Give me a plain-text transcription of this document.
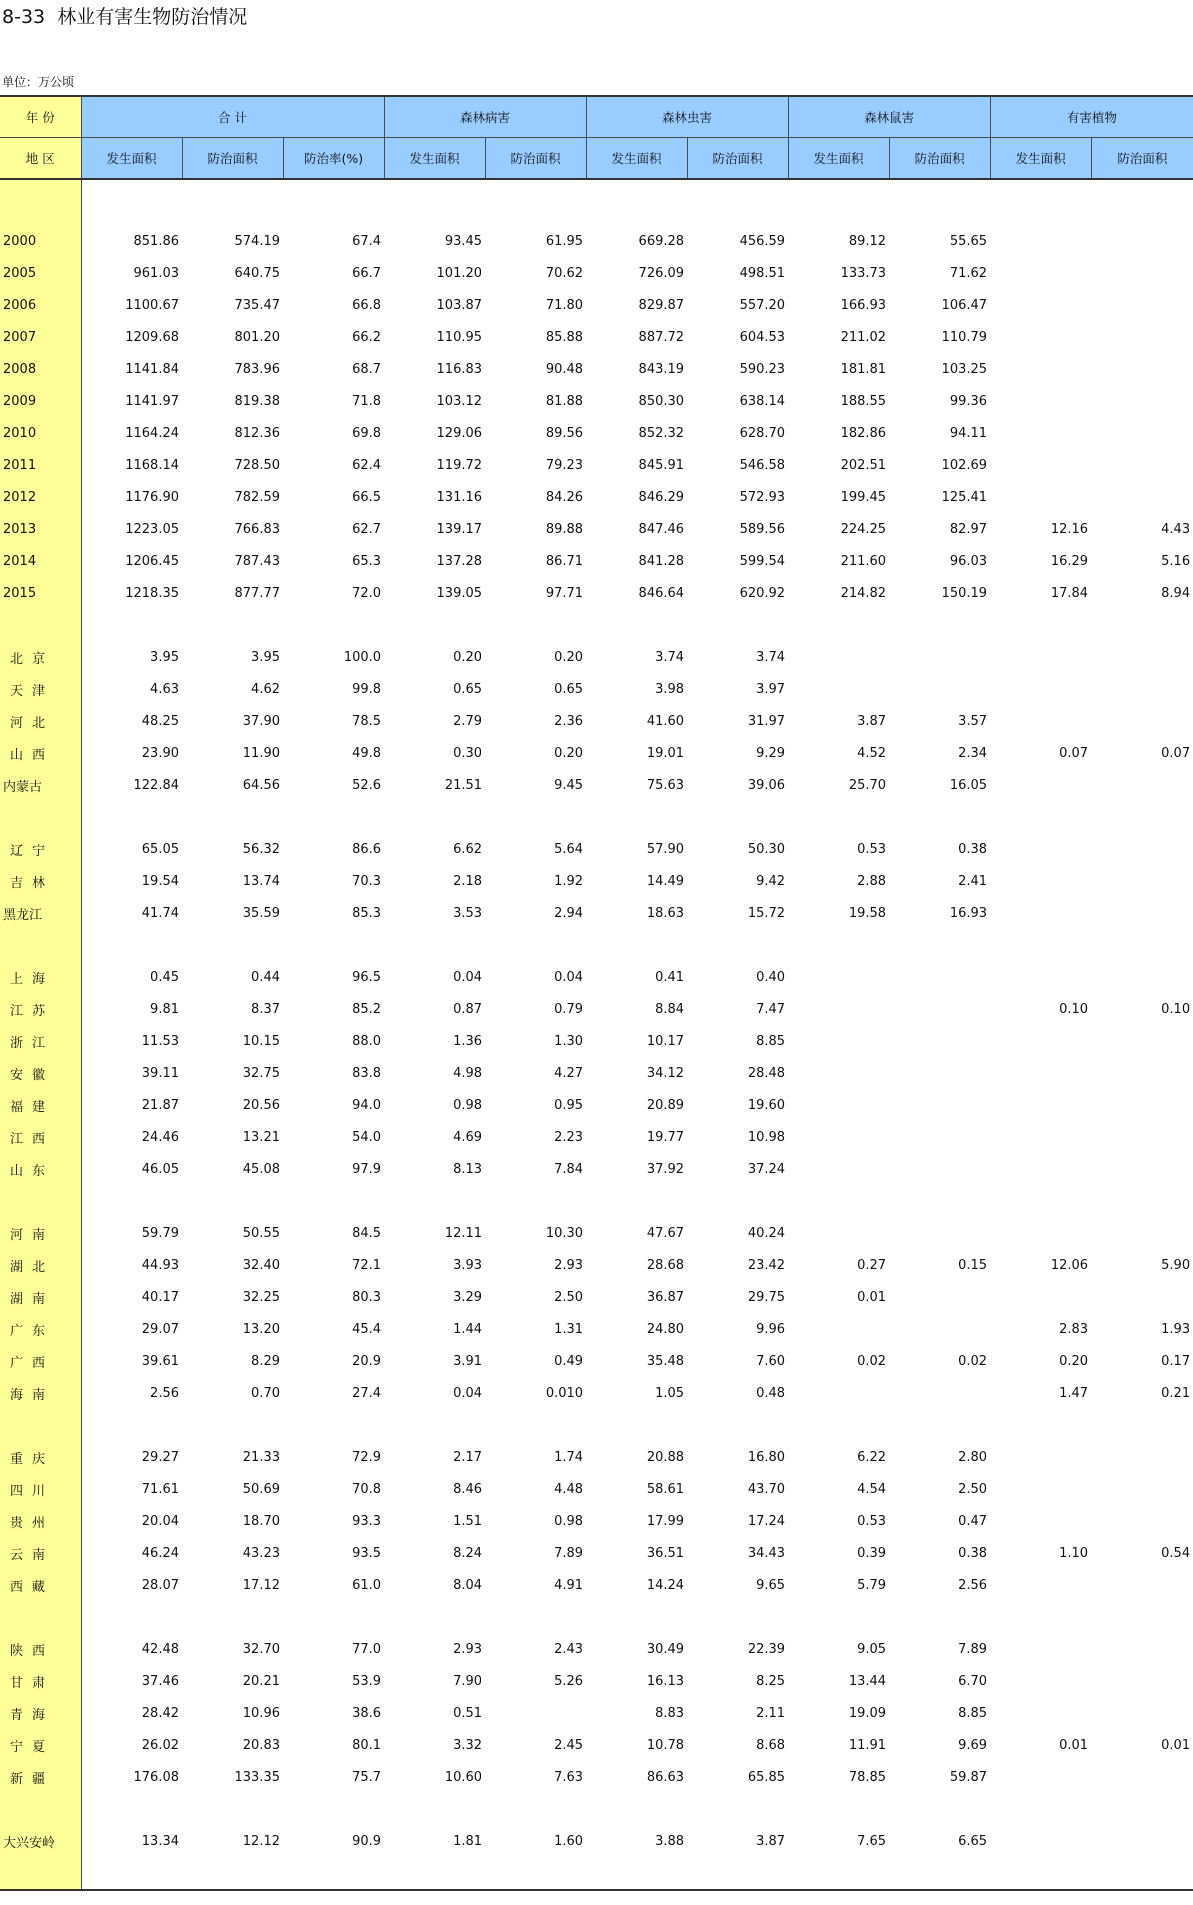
8-33  林业有害生物防治情况
单位：万公顷
年 份	合 计			森林病害		森林虫害		森林鼠害		有害植物	
地 区	发生面积	防治面积	防治率(%)	发生面积	防治面积	发生面积	防治面积	发生面积	防治面积	发生面积	防治面积

2000	851.86	574.19	67.4	93.45	61.95	669.28	456.59	89.12	55.65		
2005	961.03	640.75	66.7	101.20	70.62	726.09	498.51	133.73	71.62		
2006	1100.67	735.47	66.8	103.87	71.80	829.87	557.20	166.93	106.47		
2007	1209.68	801.20	66.2	110.95	85.88	887.72	604.53	211.02	110.79		
2008	1141.84	783.96	68.7	116.83	90.48	843.19	590.23	181.81	103.25		
2009	1141.97	819.38	71.8	103.12	81.88	850.30	638.14	188.55	99.36		
2010	1164.24	812.36	69.8	129.06	89.56	852.32	628.70	182.86	94.11		
2011	1168.14	728.50	62.4	119.72	79.23	845.91	546.58	202.51	102.69		
2012	1176.90	782.59	66.5	131.16	84.26	846.29	572.93	199.45	125.41		
2013	1223.05	766.83	62.7	139.17	89.88	847.46	589.56	224.25	82.97	12.16	4.43
2014	1206.45	787.43	65.3	137.28	86.71	841.28	599.54	211.60	96.03	16.29	5.16
2015	1218.35	877.77	72.0	139.05	97.71	846.64	620.92	214.82	150.19	17.84	8.94

北京	3.95	3.95	100.0	0.20	0.20	3.74	3.74				
天津	4.63	4.62	99.8	0.65	0.65	3.98	3.97				
河北	48.25	37.90	78.5	2.79	2.36	41.60	31.97	3.87	3.57		
山西	23.90	11.90	49.8	0.30	0.20	19.01	9.29	4.52	2.34	0.07	0.07
内蒙古	122.84	64.56	52.6	21.51	9.45	75.63	39.06	25.70	16.05		

辽宁	65.05	56.32	86.6	6.62	5.64	57.90	50.30	0.53	0.38		
吉林	19.54	13.74	70.3	2.18	1.92	14.49	9.42	2.88	2.41		
黑龙江	41.74	35.59	85.3	3.53	2.94	18.63	15.72	19.58	16.93		

上海	0.45	0.44	96.5	0.04	0.04	0.41	0.40				
江苏	9.81	8.37	85.2	0.87	0.79	8.84	7.47			0.10	0.10
浙江	11.53	10.15	88.0	1.36	1.30	10.17	8.85				
安徽	39.11	32.75	83.8	4.98	4.27	34.12	28.48				
福建	21.87	20.56	94.0	0.98	0.95	20.89	19.60				
江西	24.46	13.21	54.0	4.69	2.23	19.77	10.98				
山东	46.05	45.08	97.9	8.13	7.84	37.92	37.24				

河南	59.79	50.55	84.5	12.11	10.30	47.67	40.24				
湖北	44.93	32.40	72.1	3.93	2.93	28.68	23.42	0.27	0.15	12.06	5.90
湖南	40.17	32.25	80.3	3.29	2.50	36.87	29.75	0.01			
广东	29.07	13.20	45.4	1.44	1.31	24.80	9.96			2.83	1.93
广西	39.61	8.29	20.9	3.91	0.49	35.48	7.60	0.02	0.02	0.20	0.17
海南	2.56	0.70	27.4	0.04	0.010	1.05	0.48			1.47	0.21

重庆	29.27	21.33	72.9	2.17	1.74	20.88	16.80	6.22	2.80		
四川	71.61	50.69	70.8	8.46	4.48	58.61	43.70	4.54	2.50		
贵州	20.04	18.70	93.3	1.51	0.98	17.99	17.24	0.53	0.47		
云南	46.24	43.23	93.5	8.24	7.89	36.51	34.43	0.39	0.38	1.10	0.54
西藏	28.07	17.12	61.0	8.04	4.91	14.24	9.65	5.79	2.56		

陕西	42.48	32.70	77.0	2.93	2.43	30.49	22.39	9.05	7.89		
甘肃	37.46	20.21	53.9	7.90	5.26	16.13	8.25	13.44	6.70		
青海	28.42	10.96	38.6	0.51		8.83	2.11	19.09	8.85		
宁夏	26.02	20.83	80.1	3.32	2.45	10.78	8.68	11.91	9.69	0.01	0.01
新疆	176.08	133.35	75.7	10.60	7.63	86.63	65.85	78.85	59.87		

大兴安岭	13.34	12.12	90.9	1.81	1.60	3.88	3.87	7.65	6.65		
